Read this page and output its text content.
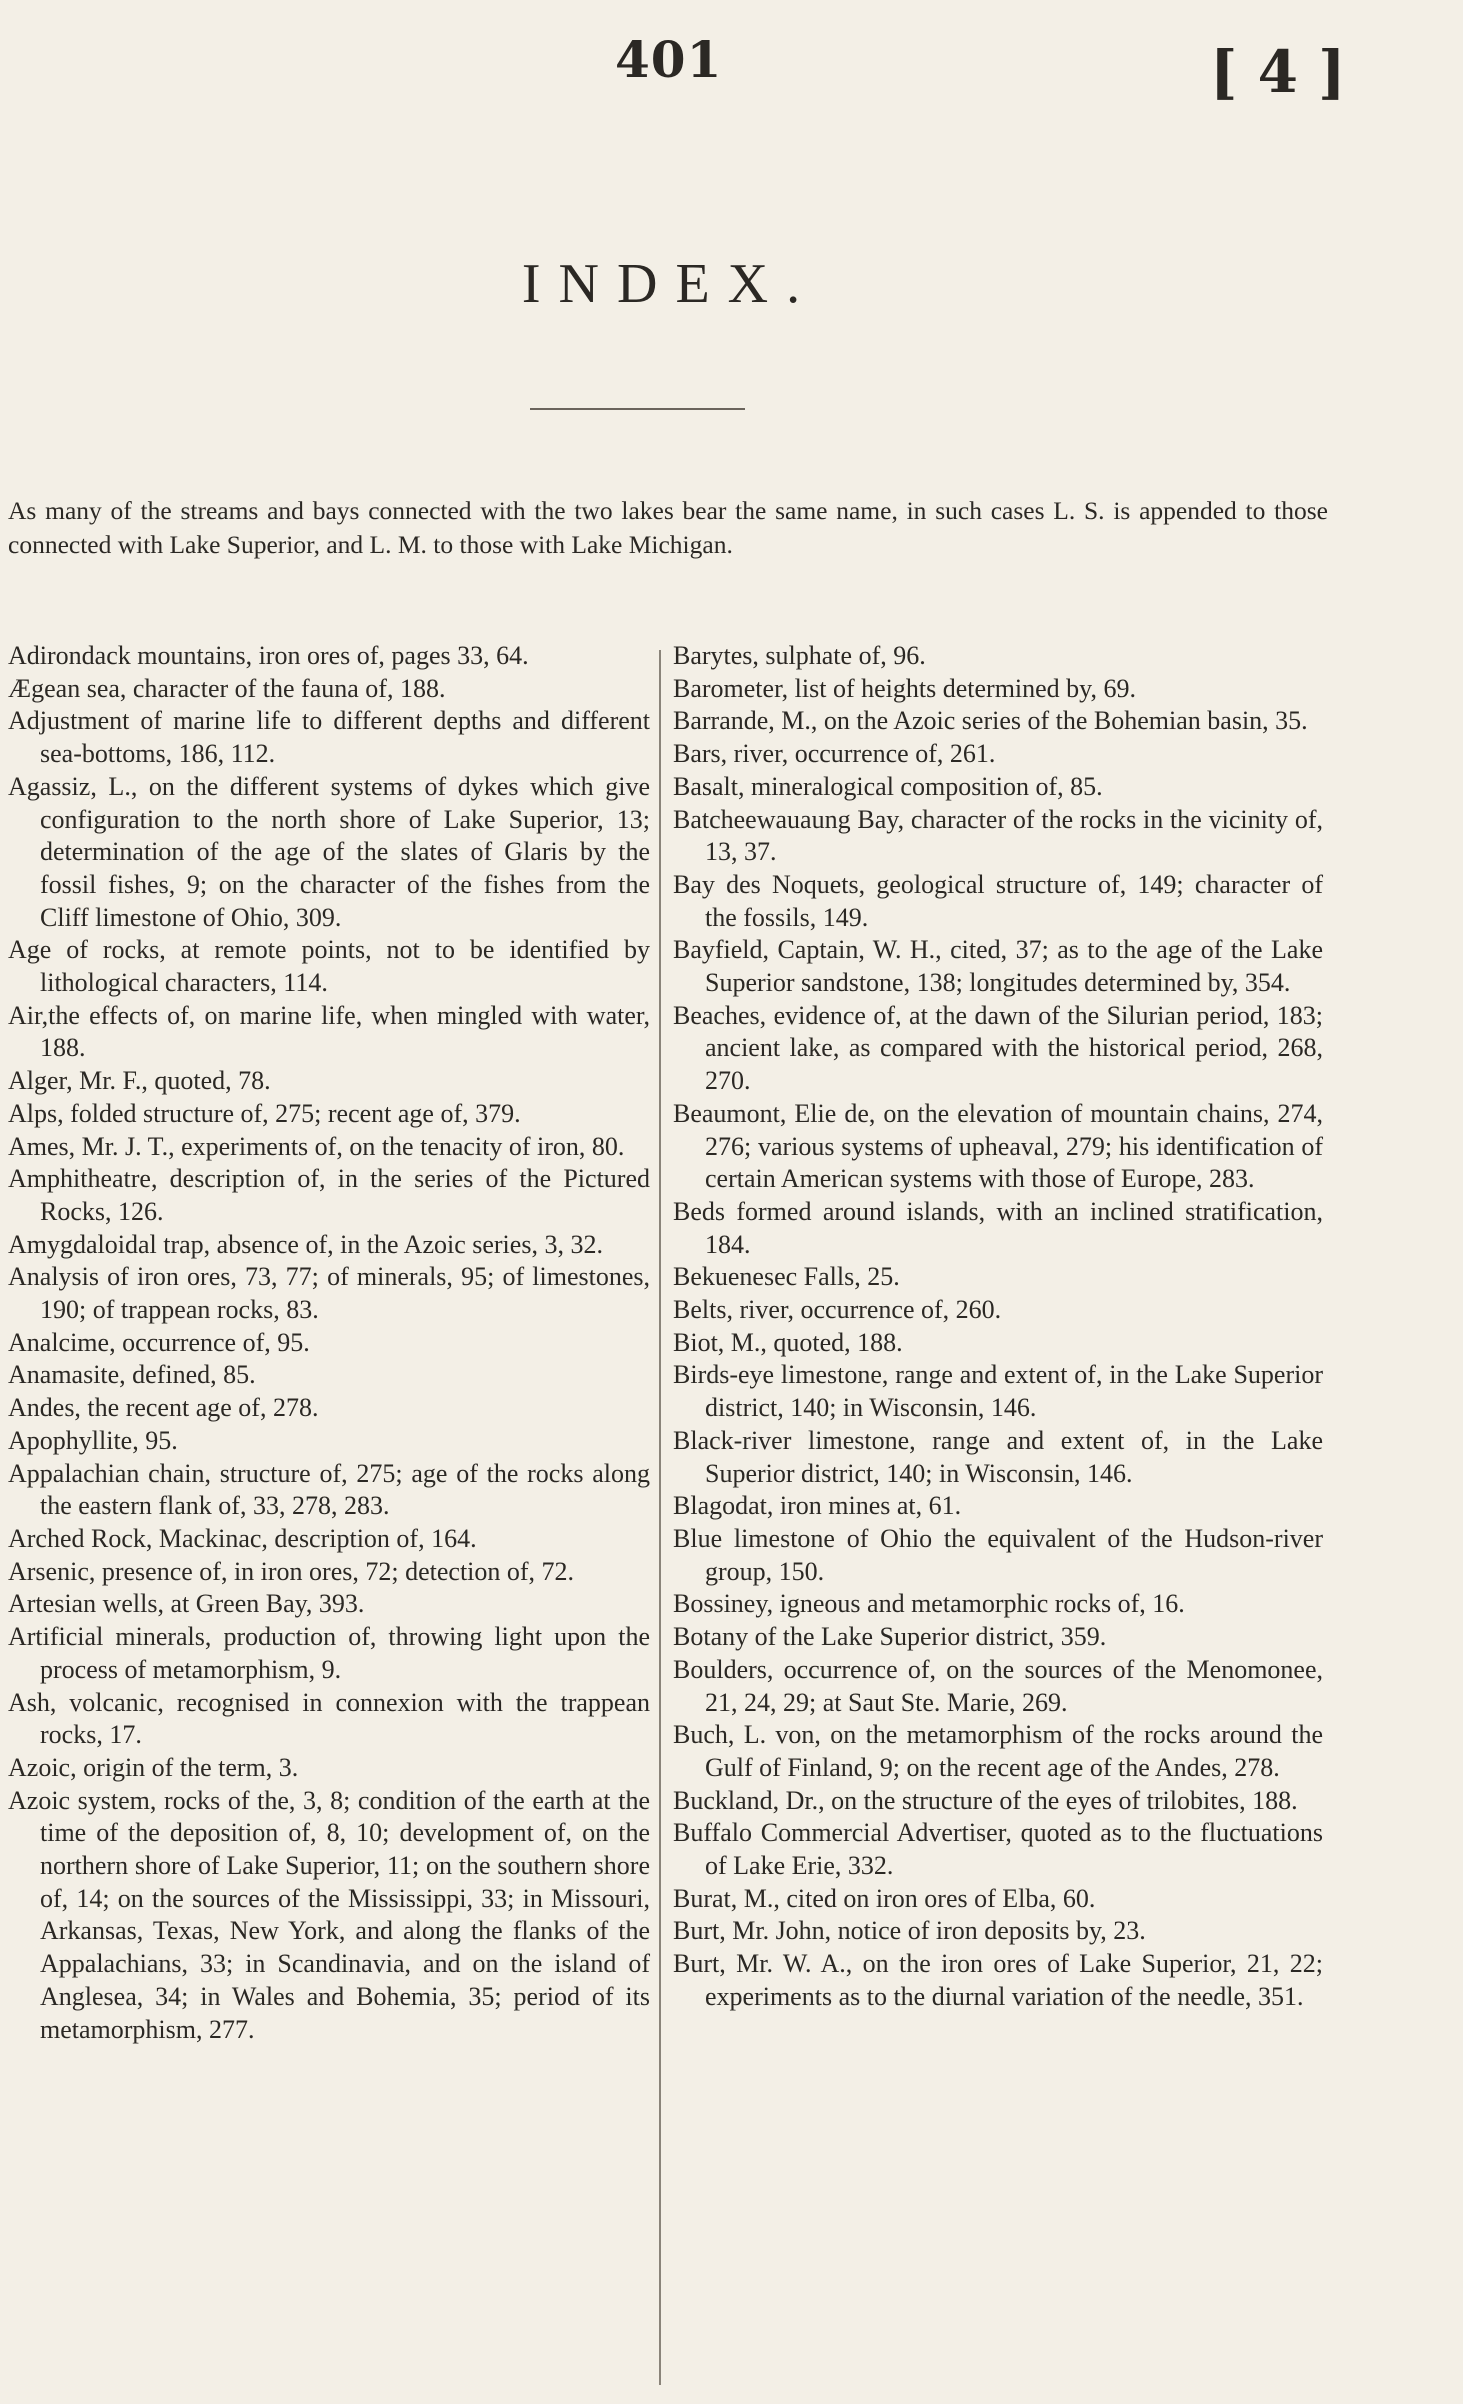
401	[ 4 ]
INDEX.

As many of the streams and bays connected with the two lakes bear the same name, in such cases L. S. is appended to those connected with Lake Superior, and L. M. to those with Lake Michigan.

Adirondack mountains, iron ores of, pages 33, 64.

Ægean sea, character of the fauna of, 188.

Adjustment of marine life to different depths and different sea-bottoms, 186, 112.

Agassiz, L., on the different systems of dykes which give configuration to the north shore of Lake Superior, 13; determination of the age of the slates of Glaris by the fossil fishes, 9; on the character of the fishes from the Cliff limestone of Ohio, 309.

Age of rocks, at remote points, not to be identified by lithological characters, 114.

Air,the effects of, on marine life, when mingled with water, 188.

Alger, Mr. F., quoted, 78.

Alps, folded structure of, 275; recent age of, 379.

Ames, Mr. J. T., experiments of, on the tenacity of iron, 80.

Amphitheatre, description of, in the series of the Pictured Rocks, 126.

Amygdaloidal trap, absence of, in the Azoic series, 3, 32.

Analysis of iron ores, 73, 77; of minerals, 95; of limestones, 190; of trappean rocks, 83.

Analcime, occurrence of, 95.

Anamasite, defined, 85.

Andes, the recent age of, 278.

Apophyllite, 95.

Appalachian chain, structure of, 275; age of the rocks along the eastern flank of, 33, 278, 283.

Arched Rock, Mackinac, description of, 164.

Arsenic, presence of, in iron ores, 72; detection of, 72.

Artesian wells, at Green Bay, 393.

Artificial minerals, production of, throwing light upon the process of metamorphism, 9.

Ash, volcanic, recognised in connexion with the trappean rocks, 17.

Azoic, origin of the term, 3.

Azoic system, rocks of the, 3, 8; condition of the earth at the time of the deposition of, 8, 10; development of, on the northern shore of Lake Superior, 11; on the southern shore of, 14; on the sources of the Mississippi, 33; in Missouri, Arkansas, Texas, New York, and along the flanks of the Appalachians, 33; in Scandinavia, and on the island of Anglesea, 34; in Wales and Bohemia, 35; period of its metamorphism, 277.

Barytes, sulphate of, 96.

Barometer, list of heights determined by, 69.

Barrande, M., on the Azoic series of the Bohemian basin, 35.

Bars, river, occurrence of, 261.

Basalt, mineralogical composition of, 85.

Batcheewauaung Bay, character of the rocks in the vicinity of, 13, 37.

Bay des Noquets, geological structure of, 149; character of the fossils, 149.

Bayfield, Captain, W. H., cited, 37; as to the age of the Lake Superior sandstone, 138; longitudes determined by, 354.

Beaches, evidence of, at the dawn of the Silurian period, 183; ancient lake, as compared with the historical period, 268, 270.

Beaumont, Elie de, on the elevation of mountain chains, 274, 276; various systems of upheaval, 279; his identification of certain American systems with those of Europe, 283.

Beds formed around islands, with an inclined stratification, 184.

Bekuenesec Falls, 25.

Belts, river, occurrence of, 260.

Biot, M., quoted, 188.

Birds-eye limestone, range and extent of, in the Lake Superior district, 140; in Wisconsin, 146.

Black-river limestone, range and extent of, in the Lake Superior district, 140; in Wisconsin, 146.

Blagodat, iron mines at, 61.

Blue limestone of Ohio the equivalent of the Hudson-river group, 150.

Bossiney, igneous and metamorphic rocks of, 16.

Botany of the Lake Superior district, 359.

Boulders, occurrence of, on the sources of the Menomonee, 21, 24, 29; at Saut Ste. Marie, 269.

Buch, L. von, on the metamorphism of the rocks around the Gulf of Finland, 9; on the recent age of the Andes, 278.

Buckland, Dr., on the structure of the eyes of trilobites, 188.

Buffalo Commercial Advertiser, quoted as to the fluctuations of Lake Erie, 332.

Burat, M., cited on iron ores of Elba, 60.

Burt, Mr. John, notice of iron deposits by, 23.

Burt, Mr. W. A., on the iron ores of Lake Superior, 21, 22; experiments as to the diurnal variation of the needle, 351.
